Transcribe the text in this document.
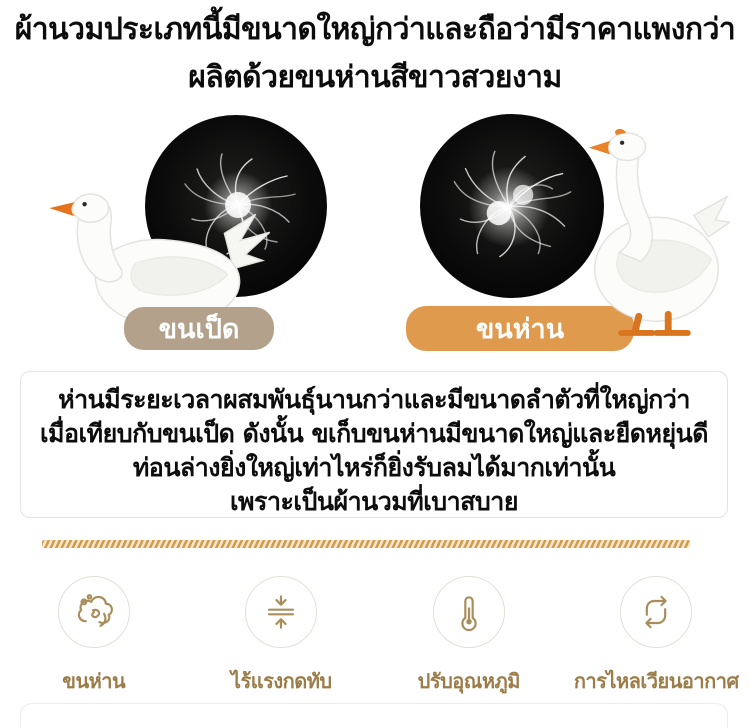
ผ้านวมประเภทนี้มีขนาดใหญ่กว่าและถือว่ามีราคาแพงกว่า
ผลิตด้วยขนห่านสีขาวสวยงาม
ขนเป็ด	ขนห่าน
ห่านมีระยะเวลาผสมพันธุ์นานกว่าและมีขนาดลำตัวที่ใหญ่กว่า
เมื่อเทียบกับขนเป็ด ดังนั้น ขเก็บขนห่านมีขนาดใหญ่และยืดหยุ่นดี
ท่อนล่างยิ่งใหญ่เท่าไหร่ก็ยิ่งรับลมได้มากเท่านั้น
เพราะเป็นผ้านวมที่เบาสบาย
ขนห่าน	ไร้แรงกดทับ	ปรับอุณหภูมิ	การไหลเวียนอากาศ
